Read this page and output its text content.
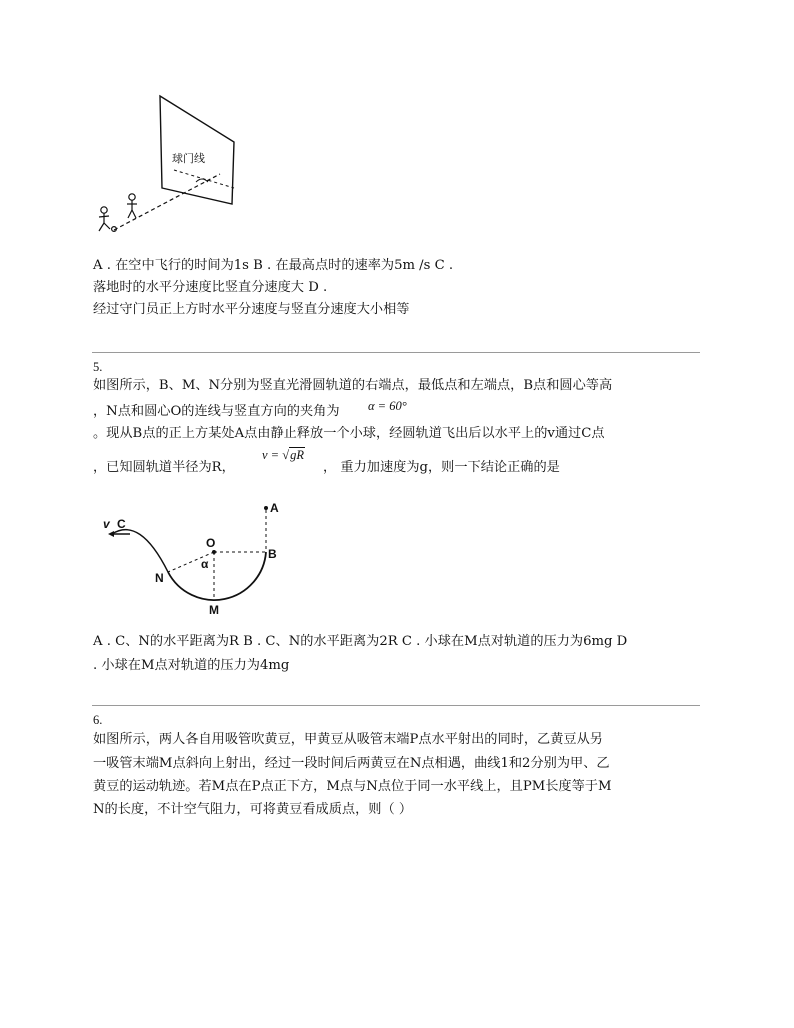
球门线
A . 在空中飞行的时间为1s B . 在最高点时的速率为5m /s C .
落地时的水平分速度比竖直分速度大 D .
经过守门员正上方时水平分速度与竖直分速度大小相等
5.
如图所示，B、M、N分别为竖直光滑圆轨道的右端点，最低点和左端点，B点和圆心等高
，N点和圆心O的连线与竖直方向的夹角为 α = 60°
。现从B点的正上方某处A点由静止释放一个小球，经圆轨道飞出后以水平上的v通过C点
，已知圆轨道半径为R，
v = √gR
， 重力加速度为g，则一下结论正确的是
v C
O
α
A
B
N
M
A . C、N的水平距离为R B . C、N的水平距离为2R C . 小球在M点对轨道的压力为6mg D
. 小球在M点对轨道的压力为4mg
6.
如图所示，两人各自用吸管吹黄豆，甲黄豆从吸管末端P点水平射出的同时，乙黄豆从另
一吸管末端M点斜向上射出，经过一段时间后两黄豆在N点相遇，曲线1和2分别为甲、乙
黄豆的运动轨迹。若M点在P点正下方，M点与N点位于同一水平线上，且PM长度等于M
N的长度，不计空气阻力，可将黄豆看成质点，则（ ）
